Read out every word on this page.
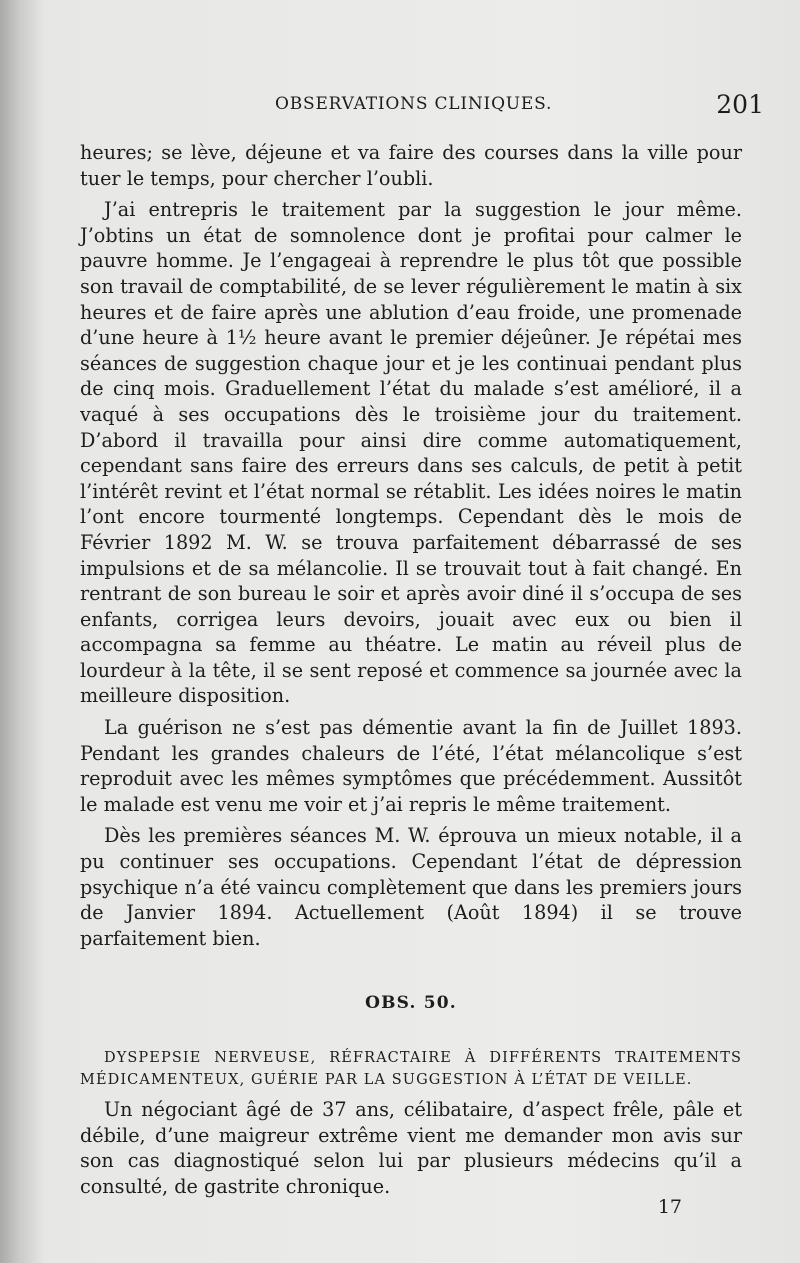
OBSERVATIONS CLINIQUES.	201

heures; se lève, déjeune et va faire des courses dans la ville pour tuer le temps, pour chercher l’oubli.

J’ai entrepris le traitement par la suggestion le jour même. J’obtins un état de somnolence dont je profitai pour calmer le pauvre homme. Je l’engageai à reprendre le plus tôt que possible son travail de comptabilité, de se lever régulièrement le matin à six heures et de faire après une ablution d’eau froide, une promenade d’une heure à 1½ heure avant le premier déjeûner. Je répétai mes séances de suggestion chaque jour et je les continuai pendant plus de cinq mois. Graduellement l’état du malade s’est amélioré, il a vaqué à ses occupations dès le troisième jour du traitement. D’abord il travailla pour ainsi dire comme automatiquement, cependant sans faire des erreurs dans ses calculs, de petit à petit l’intérêt revint et l’état normal se rétablit. Les idées noires le matin l’ont encore tourmenté longtemps. Cependant dès le mois de Février 1892 M. W. se trouva parfaitement débarrassé de ses impulsions et de sa mélancolie. Il se trouvait tout à fait changé. En rentrant de son bureau le soir et après avoir diné il s’occupa de ses enfants, corrigea leurs devoirs, jouait avec eux ou bien il accompagna sa femme au théatre. Le matin au réveil plus de lourdeur à la tête, il se sent reposé et commence sa journée avec la meilleure disposition.

La guérison ne s’est pas démentie avant la fin de Juillet 1893. Pendant les grandes chaleurs de l’été, l’état mélancolique s’est reproduit avec les mêmes symptômes que précédemment. Aussitôt le malade est venu me voir et j’ai repris le même traitement.

Dès les premières séances M. W. éprouva un mieux notable, il a pu continuer ses occupations. Cependant l’état de dépression psychique n’a été vaincu complètement que dans les premiers jours de Janvier 1894. Actuellement (Août 1894) il se trouve parfaitement bien.

OBS. 50.

DYSPEPSIE NERVEUSE, RÉFRACTAIRE À DIFFÉRENTS TRAITEMENTS MÉDICAMENTEUX, GUÉRIE PAR LA SUGGESTION À L’ÉTAT DE VEILLE.

Un négociant âgé de 37 ans, célibataire, d’aspect frêle, pâle et débile, d’une maigreur extrême vient me demander mon avis sur son cas diagnostiqué selon lui par plusieurs médecins qu’il a consulté, de gastrite chronique.

17
